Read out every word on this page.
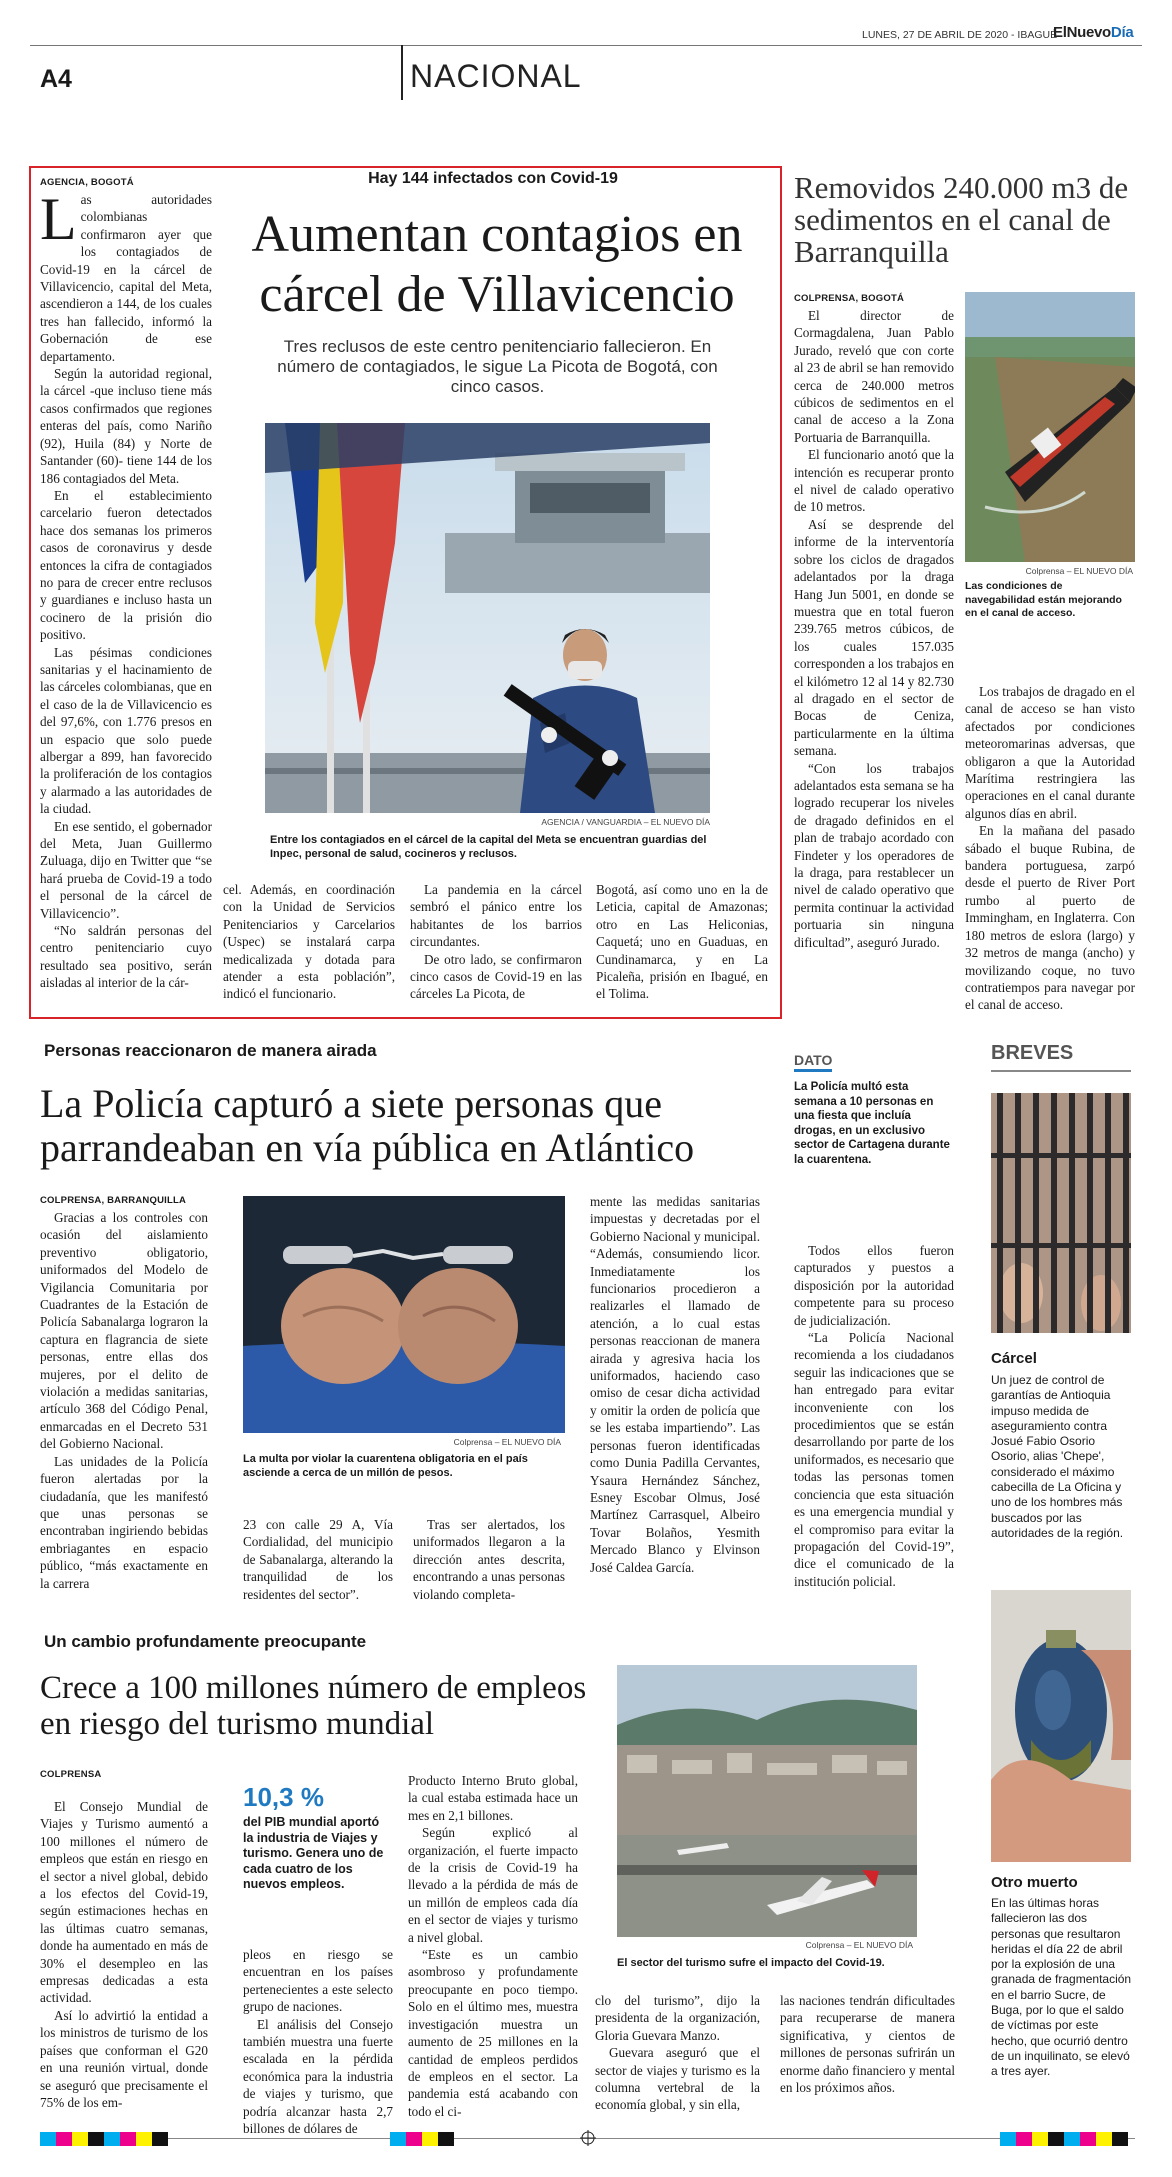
LUNES, 27 DE ABRIL DE 2020 - IBAGUÉ
ElNuevoDía
A4	NACIONAL
AGENCIA, BOGOTÁ
L as autoridades colombianas confirmaron ayer que los contagiados de Covid-19 en la cárcel de Villavicencio, capital del Meta, ascendieron a 144, de los cuales tres han fallecido, informó la Gobernación de ese departamento.

Según la autoridad regional, la cárcel -que incluso tiene más casos confirmados que regiones enteras del país, como Nariño (92), Huila (84) y Norte de Santander (60)- tiene 144 de los 186 contagiados del Meta.

En el establecimiento carcelario fueron detectados hace dos semanas los primeros casos de coronavirus y desde entonces la cifra de contagiados no para de crecer entre reclusos y guardianes e incluso hasta un cocinero de la prisión dio positivo.

Las pésimas condiciones sanitarias y el hacinamiento de las cárceles colombianas, que en el caso de la de Villavicencio es del 97,6%, con 1.776 presos en un espacio que solo puede albergar a 899, han favorecido la proliferación de los contagios y alarmado a las autoridades de la ciudad.

En ese sentido, el gobernador del Meta, Juan Guillermo Zuluaga, dijo en Twitter que “se hará prueba de Covid-19 a todo el personal de la cárcel de Villavicencio”.

“No saldrán personas del centro penitenciario cuyo resultado sea positivo, serán aisladas al interior de la cár-

Hay 144 infectados con Covid-19
Aumentan contagios en cárcel de Villavicencio
Tres reclusos de este centro penitenciario fallecieron. En número de contagiados, le sigue La Picota de Bogotá, con cinco casos.
AGENCIA / VANGUARDIA – EL NUEVO DÍA
Entre los contagiados en el cárcel de la capital del Meta se encuentran guardias del Inpec, personal de salud, cocineros y reclusos.

cel. Además, en coordinación con la Unidad de Servicios Penitenciarios y Carcelarios (Uspec) se instalará carpa medicalizada y dotada para atender a esta población”, indicó el funcionario.

La pandemia en la cárcel sembró el pánico entre los habitantes de los barrios circundantes.

De otro lado, se confirmaron cinco casos de Covid-19 en las cárceles La Picota, de

Bogotá, así como uno en la de Leticia, capital de Amazonas; otro en Las Heliconias, Caquetá; uno en Guaduas, en Cundinamarca, y en La Picaleña, prisión en Ibagué, en el Tolima.

Removidos 240.000 m3 de sedimentos en el canal de Barranquilla
COLPRENSA, BOGOTÁ

El director de Cormagdalena, Juan Pablo Jurado, reveló que con corte al 23 de abril se han removido cerca de 240.000 metros cúbicos de sedimentos en el canal de acceso a la Zona Portuaria de Barranquilla.

El funcionario anotó que la intención es recuperar pronto el nivel de calado operativo de 10 metros.

Así se desprende del informe de la interventoría sobre los ciclos de dragados adelantados por la draga Hang Jun 5001, en donde se muestra que en total fueron 239.765 metros cúbicos, de los cuales 157.035 corresponden a los trabajos en el kilómetro 12 al 14 y 82.730 al dragado en el sector de Bocas de Ceniza, particularmente en la última semana.

“Con los trabajos adelantados esta semana se ha logrado recuperar los niveles de dragado definidos en el plan de trabajo acordado con Findeter y los operadores de la draga, para restablecer un nivel de calado operativo que permita continuar la actividad portuaria sin ninguna dificultad”, aseguró Jurado.

Colprensa – EL NUEVO DÍA
Las condiciones de navegabilidad están mejorando en el canal de acceso.

Los trabajos de dragado en el canal de acceso se han visto afectados por condiciones meteoromarinas adversas, que obligaron a que la Autoridad Marítima restringiera las operaciones en el canal durante algunos días en abril.

En la mañana del pasado sábado el buque Rubina, de bandera portuguesa, zarpó desde el puerto de River Port rumbo al puerto de Immingham, en Inglaterra. Con 180 metros de eslora (largo) y 32 metros de manga (ancho) y movilizando coque, no tuvo contratiempos para navegar por el canal de acceso.

Personas reaccionaron de manera airada
La Policía capturó a siete personas que parrandeaban en vía pública en Atlántico
COLPRENSA, BARRANQUILLA

Gracias a los controles con ocasión del aislamiento preventivo obligatorio, uniformados del Modelo de Vigilancia Comunitaria por Cuadrantes de la Estación de Policía Sabanalarga lograron la captura en flagrancia de siete personas, entre ellas dos mujeres, por el delito de violación a medidas sanitarias, artículo 368 del Código Penal, enmarcadas en el Decreto 531 del Gobierno Nacional.

Las unidades de la Policía fueron alertadas por la ciudadanía, que les manifestó que unas personas se encontraban ingiriendo bebidas embriagantes en espacio público, “más exactamente en la carrera

Colprensa – EL NUEVO DÍA
La multa por violar la cuarentena obligatoria en el país asciende a cerca de un millón de pesos.

23 con calle 29 A, Vía Cordialidad, del municipio de Sabanalarga, alterando la tranquilidad de los residentes del sector”.

Tras ser alertados, los uniformados llegaron a la dirección antes descrita, encontrando a unas personas violando completa-

mente las medidas sanitarias impuestas y decretadas por el Gobierno Nacional y municipal. “Además, consumiendo licor. Inmediatamente los funcionarios procedieron a realizarles el llamado de atención, a lo cual estas personas reaccionan de manera airada y agresiva hacia los uniformados, haciendo caso omiso de cesar dicha actividad y omitir la orden de policía que se les estaba impartiendo”. Las personas fueron identificadas como Dunia Padilla Cervantes, Ysaura Hernández Sánchez, Esney Escobar Olmus, José Martínez Carrasquel, Albeiro Tovar Bolaños, Yesmith Mercado Blanco y Elvinson José Caldea García.

DATO
La Policía multó esta semana a 10 personas en una fiesta que incluía drogas, en un exclusivo sector de Cartagena durante la cuarentena.

Todos ellos fueron capturados y puestos a disposición por la autoridad competente para su proceso de judicialización.

“La Policía Nacional recomienda a los ciudadanos seguir las indicaciones que se han entregado para evitar inconveniente con los procedimientos que se están desarrollando por parte de los uniformados, es necesario que todas las personas tomen conciencia que esta situación es una emergencia mundial y el compromiso para evitar la propagación del Covid-19”, dice el comunicado de la institución policial.

BREVES
Cárcel
Un juez de control de garantías de Antioquia impuso medida de aseguramiento contra Josué Fabio Osorio Osorio, alias 'Chepe', considerado el máximo cabecilla de La Oficina y uno de los hombres más buscados por las autoridades de la región.
Otro muerto
En las últimas horas fallecieron las dos personas que resultaron heridas el día 22 de abril por la explosión de una granada de fragmentación en el barrio Sucre, de Buga, por lo que el saldo de víctimas por este hecho, que ocurrió dentro de un inquilinato, se elevó a tres ayer.
Un cambio profundamente preocupante
Crece a 100 millones número de empleos en riesgo del turismo mundial
COLPRENSA

El Consejo Mundial de Viajes y Turismo aumentó a 100 millones el número de empleos que están en riesgo en el sector a nivel global, debido a los efectos del Covid-19, según estimaciones hechas en las últimas cuatro semanas, donde ha aumentado en más de 30% el desempleo en las empresas dedicadas a esta actividad.

Así lo advirtió la entidad a los ministros de turismo de los países que conforman el G20 en una reunión virtual, donde se aseguró que precisamente el 75% de los em-

10,3 %
del PIB mundial aportó la industria de Viajes y turismo. Genera uno de cada cuatro de los nuevos empleos.

pleos en riesgo se encuentran en los países pertenecientes a este selecto grupo de naciones.

El análisis del Consejo también muestra una fuerte escalada en la pérdida económica para la industria de viajes y turismo, que podría alcanzar hasta 2,7 billones de dólares de

Producto Interno Bruto global, la cual estaba estimada hace un mes en 2,1 billones.

Según explicó al organización, el fuerte impacto de la crisis de Covid-19 ha llevado a la pérdida de más de un millón de empleos cada día en el sector de viajes y turismo a nivel global.

“Este es un cambio asombroso y profundamente preocupante en poco tiempo. Solo en el último mes, muestra investigación muestra un aumento de 25 millones en la cantidad de empleos perdidos de empleos en el sector. La pandemia está acabando con todo el ci-

Colprensa – EL NUEVO DÍA
El sector del turismo sufre el impacto del Covid-19.

clo del turismo”, dijo la presidenta de la organización, Gloria Guevara Manzo.

Guevara aseguró que el sector de viajes y turismo es la columna vertebral de la economía global, y sin ella,

las naciones tendrán dificultades para recuperarse de manera significativa, y cientos de millones de personas sufrirán un enorme daño financiero y mental en los próximos años.
